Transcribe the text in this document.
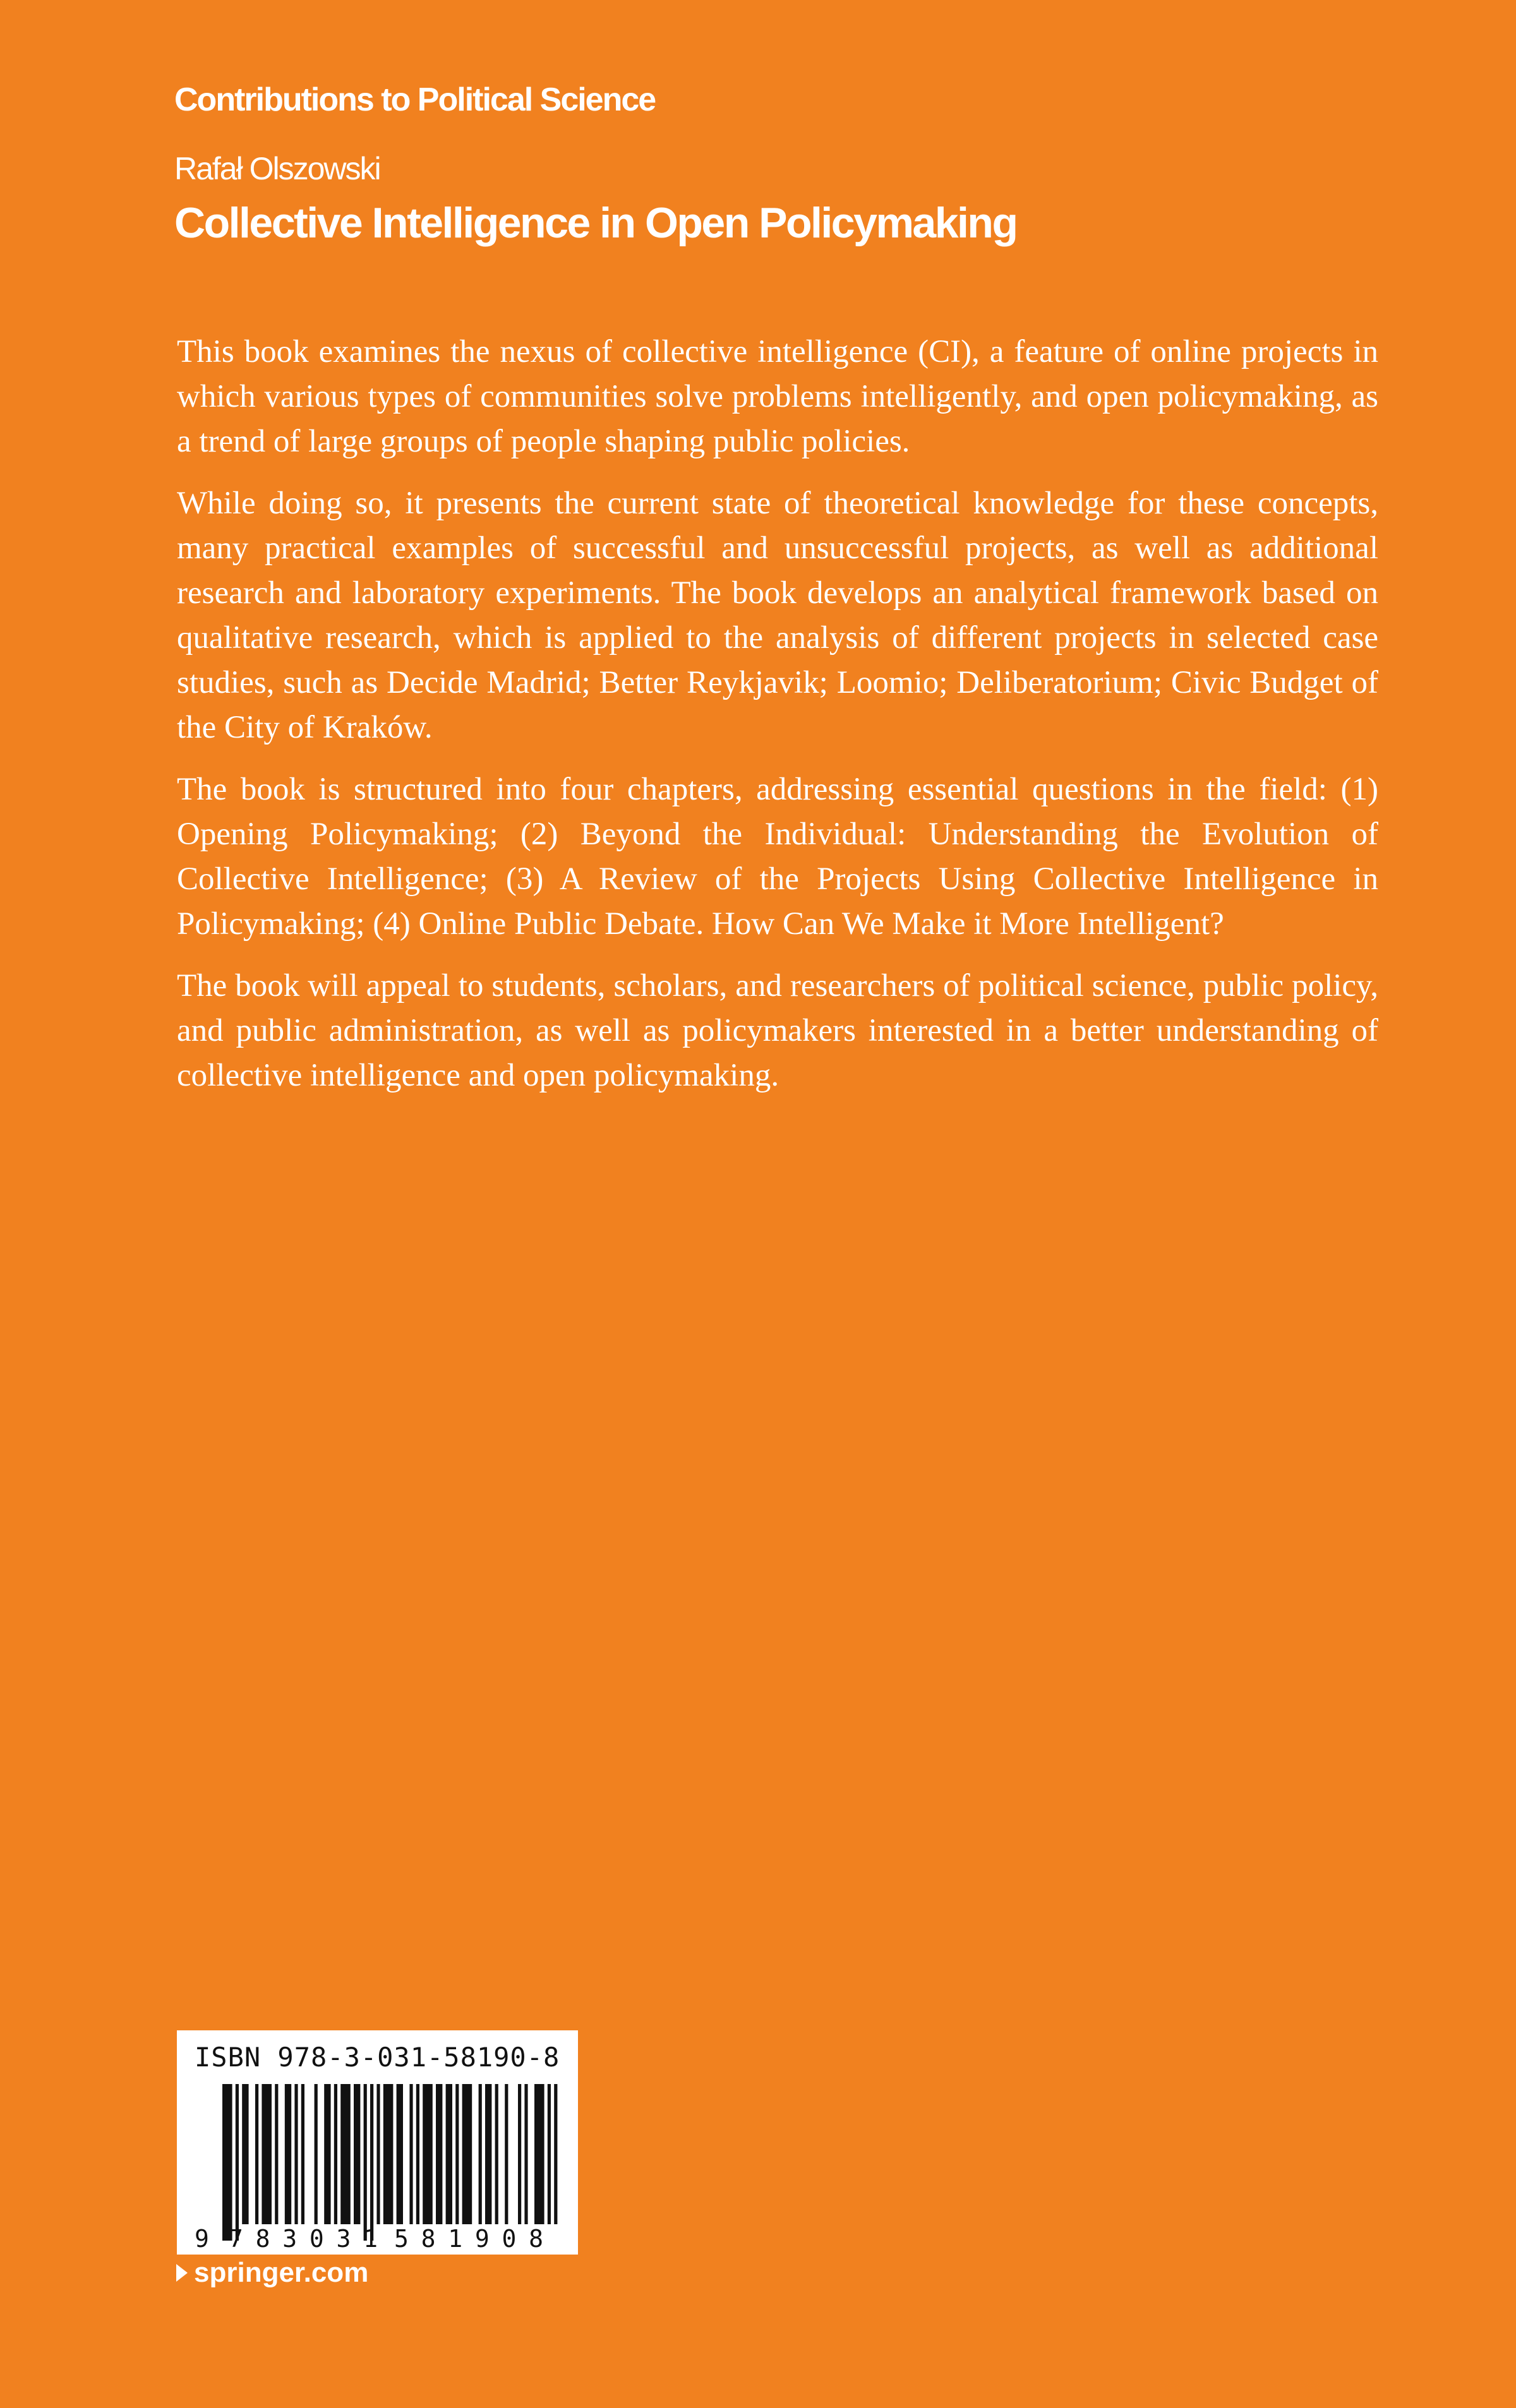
Contributions to Political Science
Rafał Olszowski
Collective Intelligence in Open Policymaking

This book examines the nexus of collective intelligence (CI), a feature of online projects in which various types of communities solve problems intelligently, and open policymaking, as a trend of large groups of people shaping public policies.

While doing so, it presents the current state of theoretical knowledge for these concepts, many practical examples of successful and unsuccessful projects, as well as additional research and laboratory experiments. The book develops an analytical framework based on qualitative research, which is applied to the analysis of different projects in selected case studies, such as Decide Madrid; Better Reykjavik; Loomio; Deliberatorium; Civic Budget of the City of Kraków.

The book is structured into four chapters, addressing essential questions in the field: (1) Opening Policymaking; (2) Beyond the Individual: Understanding the Evolution of Collective Intelligence; (3) A Review of the Projects Using Collective Intelligence in Policymaking; (4) Online Public Debate. How Can We Make it More Intelligent?

The book will appeal to students, scholars, and researchers of political science, public policy, and public administration, as well as policymakers interested in a better understanding of collective intelligence and open policymaking.

9 783031 581908
ISBN 978-3-031-58190-8
springer.com
